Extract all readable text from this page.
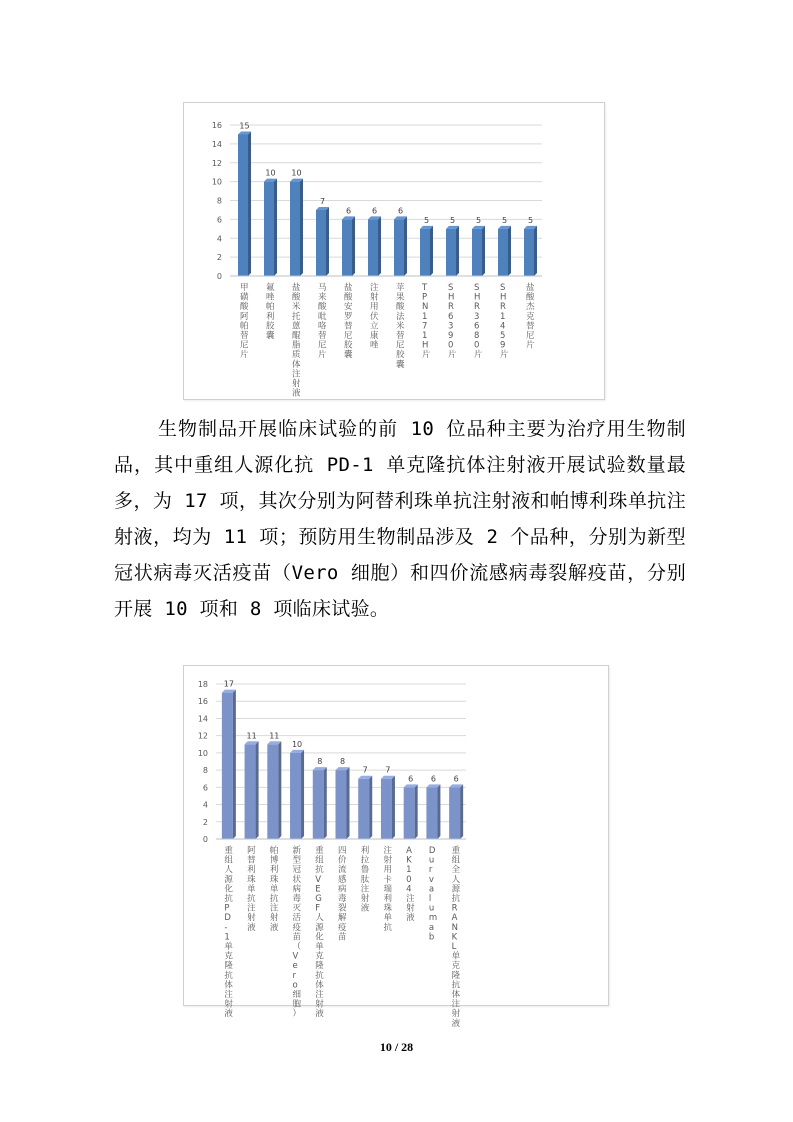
0
2
4
6
8
10
12
14
16 15
甲磺酸阿帕替尼片
10
氟唑帕利胶囊
10
盐酸米托蒽醌脂质体注射液
7
马来酸吡咯替尼片
6
盐酸安罗替尼胶囊
6
注射用伏立康唑
6
苹果酸法米替尼胶囊
5
T P N 1 7 1 H 片
5
S H R 6 3 9 0 片
5
S H R 3 6 8 0 片
5
S H R 1 4 5 9 片
5
盐酸杰克替尼片

生物制品开展临床试验的前 10 位品种主要为治疗用生物制品，其中重组人源化抗 PD-1 单克隆抗体注射液开展试验数量最多，为 17 项，其次分别为阿替利珠单抗注射液和帕博利珠单抗注射液，均为 11 项；预防用生物制品涉及 2 个品种，分别为新型冠状病毒灭活疫苗（Vero 细胞）和四价流感病毒裂解疫苗，分别开展 10 项和 8 项临床试验。

0
2
4
6
8
10
12
14
16
18 17
重组人源化抗 P D -1 单克隆抗体注射液
11
阿替利珠单抗注射液
11
帕博利珠单抗注射液
10
新型冠状病毒灭活疫苗（ V e r o 细胞）
8
重组抗 V E G F 人源化单克隆抗体注射液
8
四价流感病毒裂解疫苗
7
利拉鲁肽注射液
7
注射用卡瑞利珠单抗
6
A K 1 0 4 注射液
6
D u r v a l u m a b
6
重组全人源抗 R A N K L 单克隆抗体注射液
10 / 28
